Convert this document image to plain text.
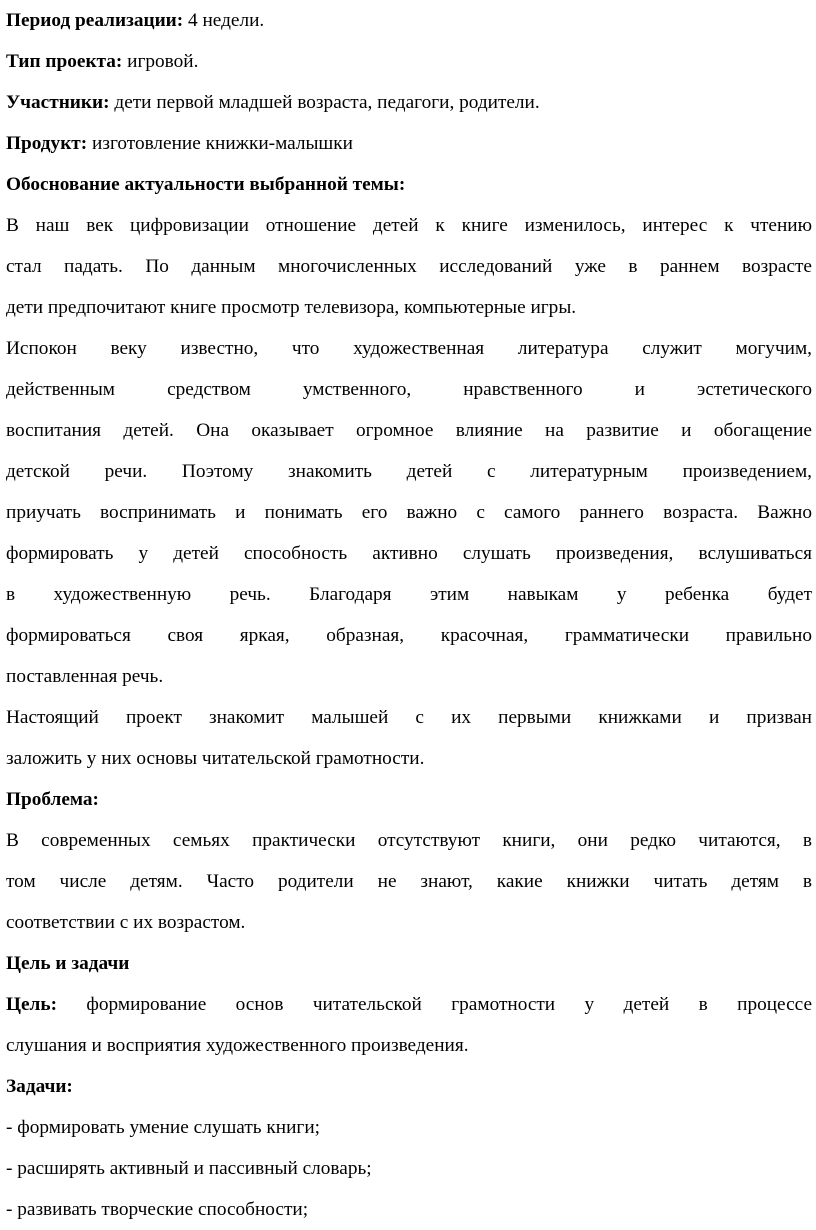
Период реализации: 4 недели.
Тип проекта: игровой.
Участники: дети первой младшей возраста, педагоги, родители.
Продукт: изготовление книжки-малышки
Обоснование актуальности выбранной темы:
В наш век цифровизации отношение детей к книге изменилось, интерес к чтению
стал падать. По данным многочисленных исследований уже в раннем возрасте
дети предпочитают книге просмотр телевизора, компьютерные игры.
Испокон веку известно, что художественная литература служит могучим,
действенным средством умственного, нравственного и эстетического
воспитания детей. Она оказывает огромное влияние на развитие и обогащение
детской речи. Поэтому знакомить детей с литературным произведением,
приучать воспринимать и понимать его важно с самого раннего возраста. Важно
формировать у детей способность активно слушать произведения, вслушиваться
в художественную речь. Благодаря этим навыкам у ребенка будет
формироваться своя яркая, образная, красочная, грамматически правильно
поставленная речь.
Настоящий проект знакомит малышей с их первыми книжками и призван
заложить у них основы читательской грамотности.
Проблема:
В современных семьях практически отсутствуют книги, они редко читаются, в
том числе детям. Часто родители не знают, какие книжки читать детям в
соответствии с их возрастом.
Цель и задачи
Цель: формирование основ читательской грамотности у детей в процессе
слушания и восприятия художественного произведения.
Задачи:
- формировать умение слушать книги;
- расширять активный и пассивный словарь;
- развивать творческие способности;
